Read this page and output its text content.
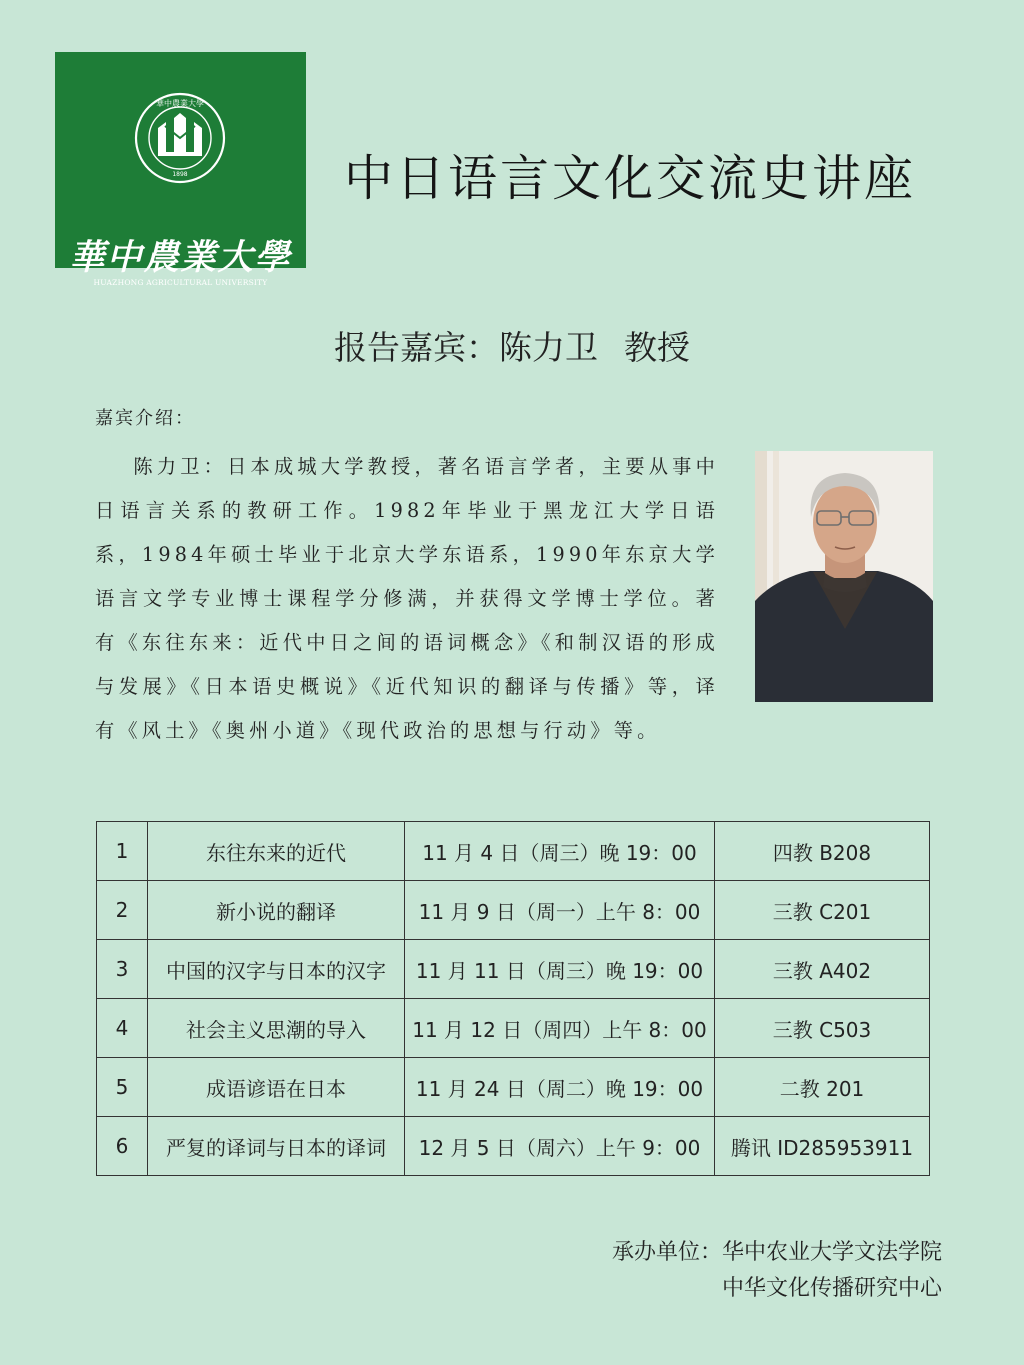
華中農業大學
1898
華中農業大學
HUAZHONG AGRICULTURAL UNIVERSITY
中日语言文化交流史讲座
报告嘉宾：陈力卫 教授
嘉宾介绍：

陈力卫：日本成城大学教授，著名语言学者，主要从事中日语言关系的教研工作。1982年毕业于黑龙江大学日语系，1984年硕士毕业于北京大学东语系，1990年东京大学语言文学专业博士课程学分修满，并获得文学博士学位。著有《东往东来：近代中日之间的语词概念》《和制汉语的形成与发展》《日本语史概说》《近代知识的翻译与传播》等，译有《风土》《奥州小道》《现代政治的思想与行动》等。

1	东往东来的近代	11 月 4 日（周三）晚 19：00	四教 B208
2	新小说的翻译	11 月 9 日（周一）上午 8：00	三教 C201
3	中国的汉字与日本的汉字	11 月 11 日（周三）晚 19：00	三教 A402
4	社会主义思潮的导入	11 月 12 日（周四）上午 8：00	三教 C503
5	成语谚语在日本	11 月 24 日（周二）晚 19：00	二教 201
6	严复的译词与日本的译词	12 月 5 日（周六）上午 9：00	腾讯 ID285953911
承办单位：华中农业大学文法学院
中华文化传播研究中心
